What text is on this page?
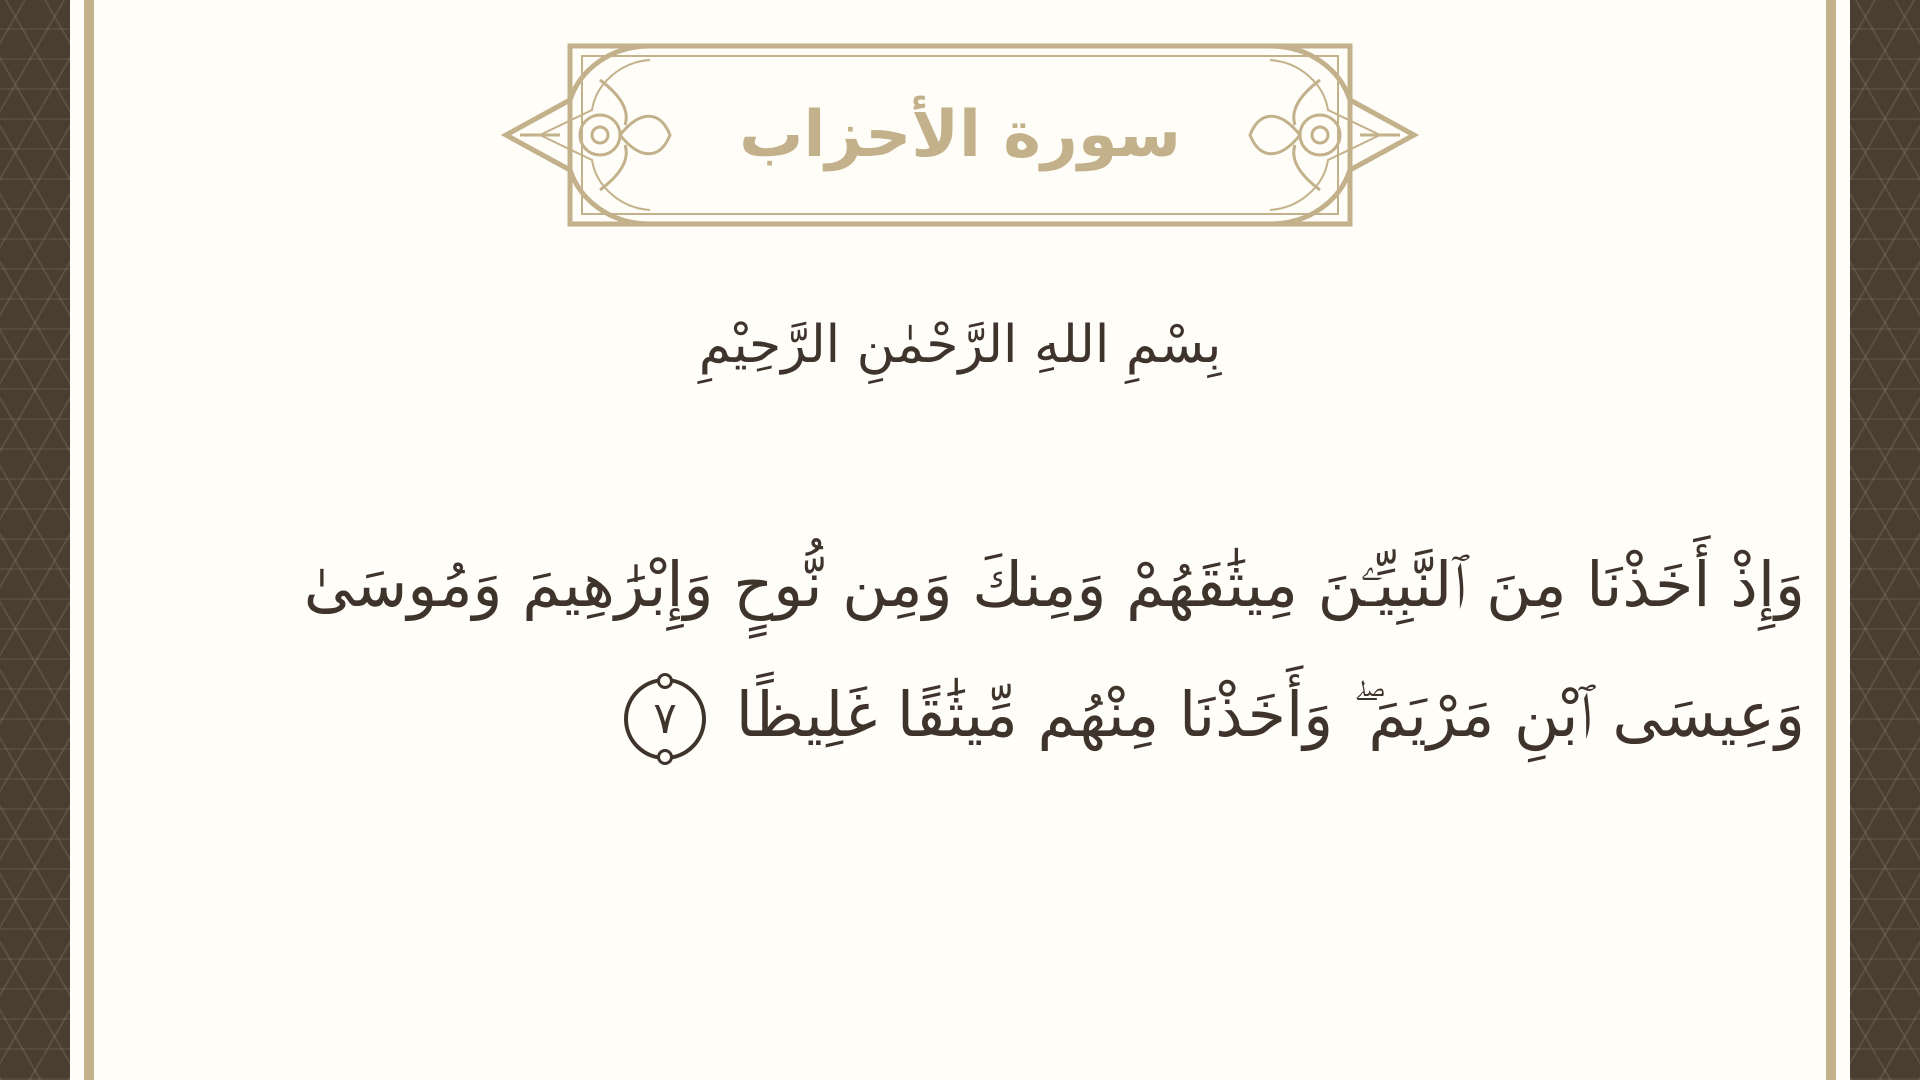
سورة الأحزاب
بِسْمِ اللهِ الرَّحْمٰنِ الرَّحِيْمِ
وَإِذْ أَخَذْنَا مِنَ ٱلنَّبِيِّـۧنَ مِيثَٰقَهُمْ وَمِنكَ وَمِن نُّوحٍ وَإِبْرَٰهِيمَ وَمُوسَىٰ
وَعِيسَى ٱبْنِ مَرْيَمَ ۖ وَأَخَذْنَا مِنْهُم مِّيثَٰقًا غَلِيظًا ٧
